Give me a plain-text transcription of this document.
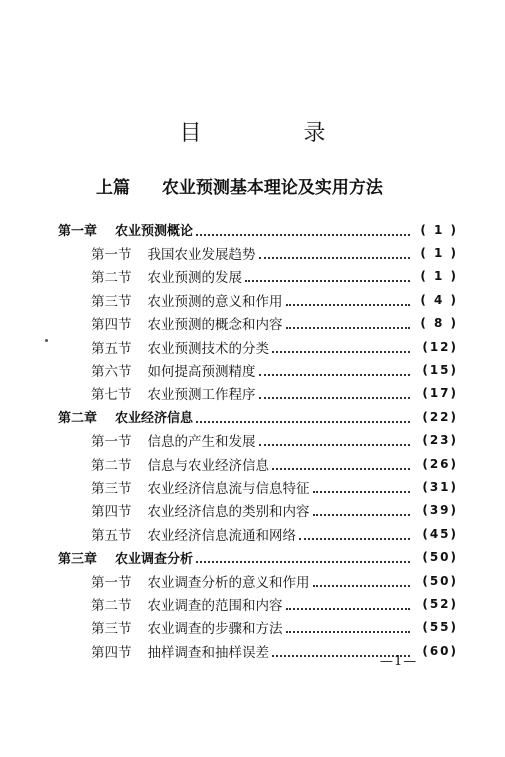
目　录
上篇 农业预测基本理论及实用方法
第一章 农业预测概论	( 1 )
第一节 我国农业发展趋势	( 1 )
第二节 农业预测的发展	( 1 )
第三节 农业预测的意义和作用	( 4 )
第四节 农业预测的概念和内容	( 8 )
第五节 农业预测技术的分类	(12)
第六节 如何提高预测精度	(15)
第七节 农业预测工作程序	(17)
第二章 农业经济信息	(22)
第一节 信息的产生和发展	(23)
第二节 信息与农业经济信息	(26)
第三节 农业经济信息流与信息特征	(31)
第四节 农业经济信息的类别和内容	(39)
第五节 农业经济信息流通和网络	(45)
第三章 农业调查分析	(50)
第一节 农业调查分析的意义和作用	(50)
第二节 农业调查的范围和内容	(52)
第三节 农业调查的步骤和方法	(55)
第四节 抽样调查和抽样误差	(60)
—1—
